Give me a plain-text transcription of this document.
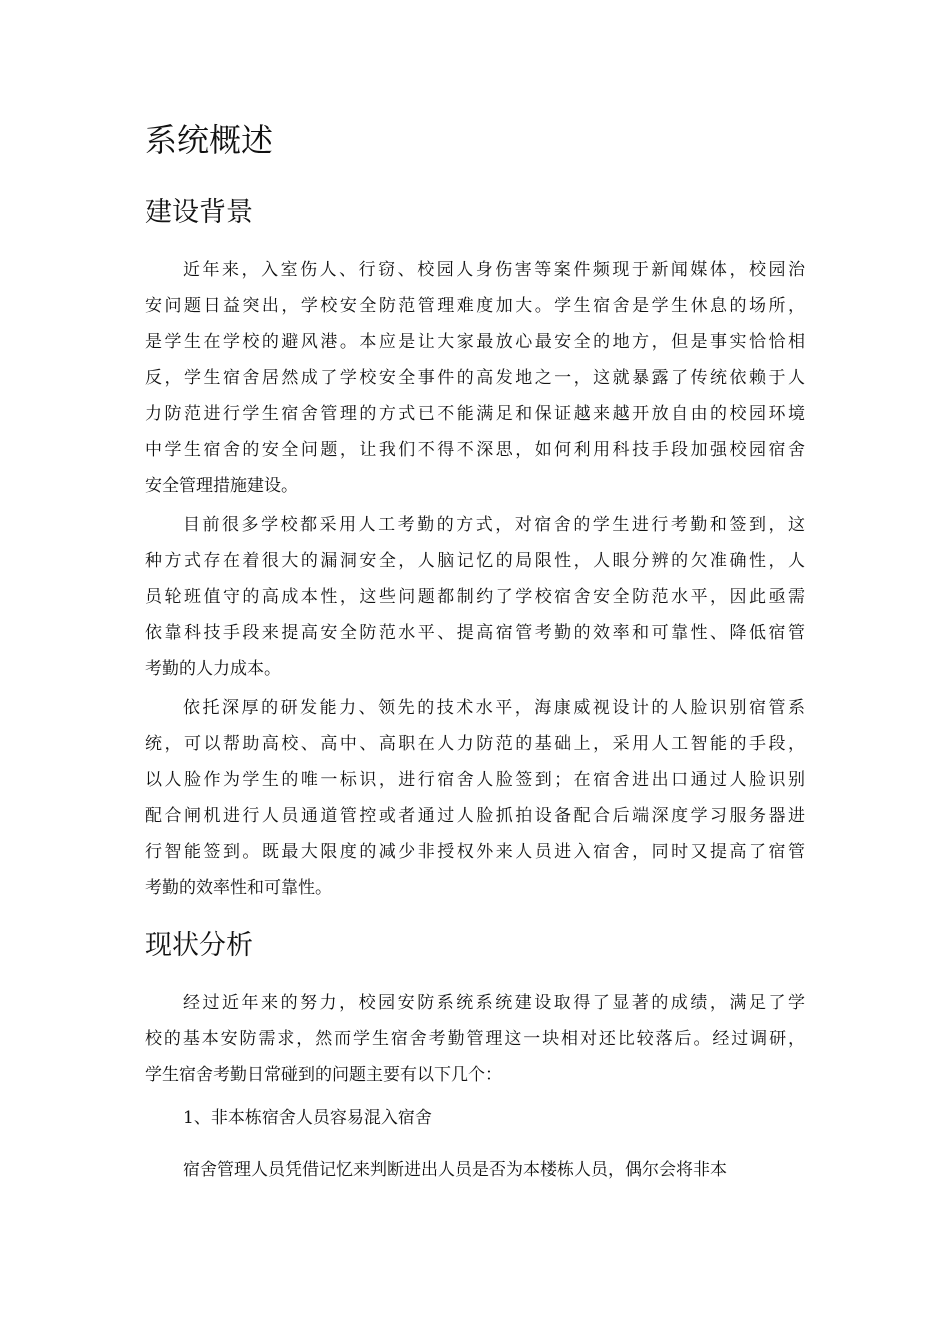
系统概述
建设背景

近年来，入室伤人、行窃、校园人身伤害等案件频现于新闻媒体，校园治

安问题日益突出，学校安全防范管理难度加大。学生宿舍是学生休息的场所，

是学生在学校的避风港。本应是让大家最放心最安全的地方，但是事实恰恰相

反，学生宿舍居然成了学校安全事件的高发地之一，这就暴露了传统依赖于人

力防范进行学生宿舍管理的方式已不能满足和保证越来越开放自由的校园环境

中学生宿舍的安全问题，让我们不得不深思，如何利用科技手段加强校园宿舍

安全管理措施建设。

目前很多学校都采用人工考勤的方式，对宿舍的学生进行考勤和签到，这

种方式存在着很大的漏洞安全，人脑记忆的局限性，人眼分辨的欠准确性，人

员轮班值守的高成本性，这些问题都制约了学校宿舍安全防范水平，因此亟需

依靠科技手段来提高安全防范水平、提高宿管考勤的效率和可靠性、降低宿管

考勤的人力成本。

依托深厚的研发能力、领先的技术水平，海康威视设计的人脸识别宿管系

统，可以帮助高校、高中、高职在人力防范的基础上，采用人工智能的手段，

以人脸作为学生的唯一标识，进行宿舍人脸签到；在宿舍进出口通过人脸识别

配合闸机进行人员通道管控或者通过人脸抓拍设备配合后端深度学习服务器进

行智能签到。既最大限度的减少非授权外来人员进入宿舍，同时又提高了宿管

考勤的效率性和可靠性。

现状分析

经过近年来的努力，校园安防系统系统建设取得了显著的成绩，满足了学

校的基本安防需求，然而学生宿舍考勤管理这一块相对还比较落后。经过调研，

学生宿舍考勤日常碰到的问题主要有以下几个：

1、非本栋宿舍人员容易混入宿舍

宿舍管理人员凭借记忆来判断进出人员是否为本楼栋人员，偶尔会将非本
